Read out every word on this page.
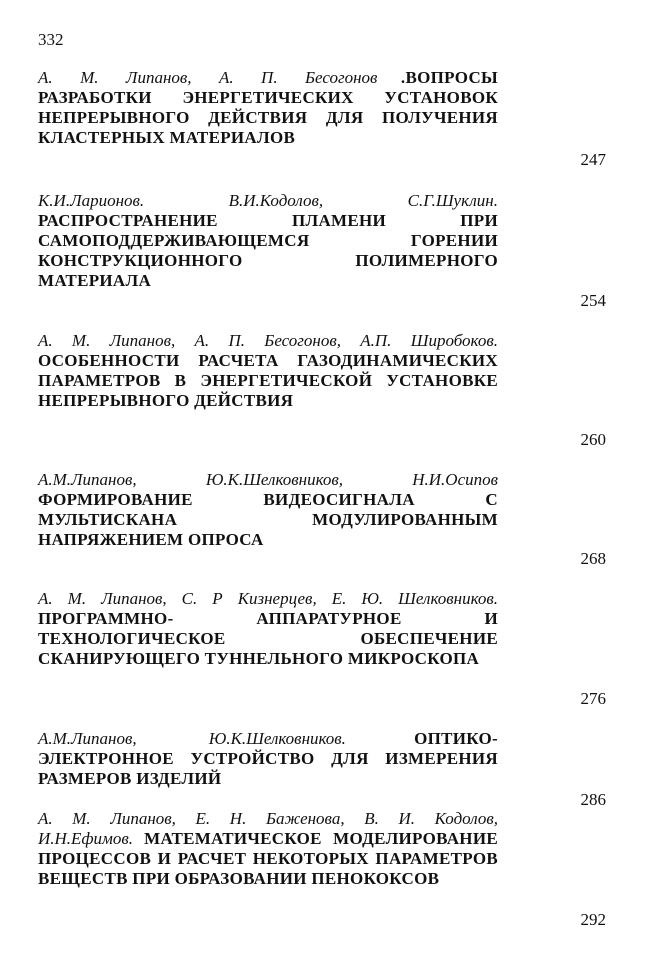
332
А. М. Липанов, А. П. Бесогонов .ВОПРОСЫ РАЗРАБОТКИ ЭНЕРГЕТИЧЕСКИХ УСТАНОВОК НЕПРЕРЫВНОГО ДЕЙСТВИЯ ДЛЯ ПОЛУЧЕНИЯ КЛАСТЕРНЫХ МАТЕРИАЛОВ
247
К.И.Ларионов. В.И.Кодолов, С.Г.Шуклин. РАСПРОСТРАНЕНИЕ ПЛАМЕНИ ПРИ САМОПОДДЕРЖИВАЮЩЕМСЯ ГОРЕНИИ КОНСТРУКЦИОННОГО ПОЛИМЕРНОГО МАТЕРИАЛА
254
А. М. Липанов, А. П. Бесогонов, А.П. Широбоков. ОСОБЕННОСТИ РАСЧЕТА ГАЗОДИНАМИЧЕСКИХ ПАРАМЕТРОВ В ЭНЕРГЕТИЧЕСКОЙ УСТАНОВКЕ НЕПРЕРЫВНОГО ДЕЙСТВИЯ
260
А.М.Липанов, Ю.К.Шелковников, Н.И.Осипов ФОРМИРОВАНИЕ ВИДЕОСИГНАЛА С МУЛЬТИСКАНА МОДУЛИРОВАННЫМ НАПРЯЖЕНИЕМ ОПРОСА
268
А. М. Липанов, С. Р Кизнерцев, Е. Ю. Шелковников. ПРОГРАММНО- АППАРАТУРНОЕ И ТЕХНОЛОГИЧЕСКОЕ ОБЕСПЕЧЕНИЕ СКАНИРУЮЩЕГО ТУННЕЛЬНОГО МИКРОСКОПА
276
А.М.Липанов, Ю.К.Шелковников.	ОПТИКО-ЭЛЕКТРОННОЕ УСТРОЙСТВО ДЛЯ ИЗМЕРЕНИЯ РАЗМЕРОВ ИЗДЕЛИЙ
286
А. М. Липанов, Е. Н. Баженова, В. И. Кодолов, И.Н.Ефимов. МАТЕМАТИЧЕСКОЕ МОДЕЛИРОВАНИЕ ПРОЦЕССОВ И РАСЧЕТ НЕКОТОРЫХ ПАРАМЕТРОВ ВЕЩЕСТВ ПРИ ОБРАЗОВАНИИ ПЕНОКОКСОВ
292
